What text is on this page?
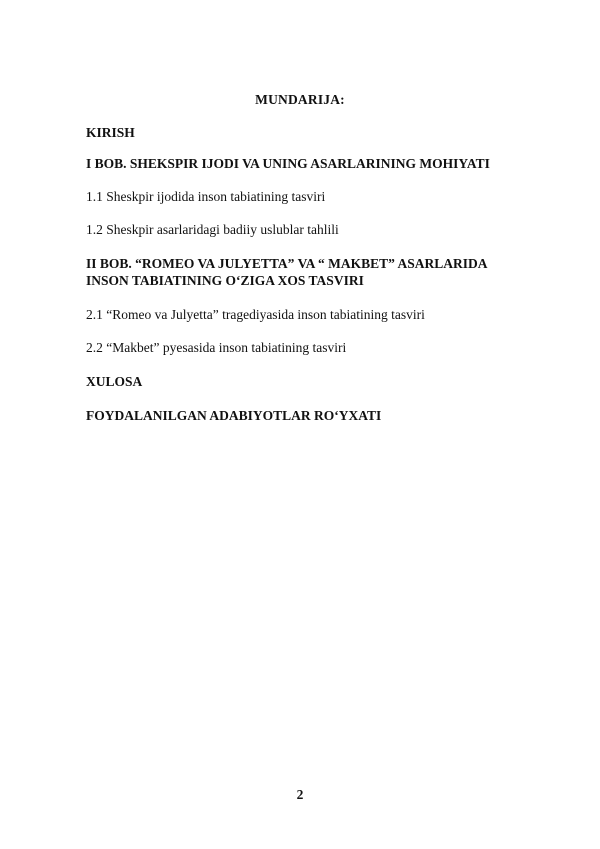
MUNDARIJA:
KIRISH
I BOB. SHEKSPIR IJODI VA UNING ASARLARINING MOHIYATI
1.1 Sheskpir ijodida inson tabiatining tasviri
1.2 Sheskpir asarlaridagi badiiy uslublar tahlili
II BOB. “ROMEO VA JULYETTA” VA “ MAKBET” ASARLARIDA INSON TABIATINING O‘ZIGA XOS TASVIRI
2.1 “Romeo va Julyetta” tragediyasida inson tabiatining tasviri
2.2 “Makbet” pyesasida inson tabiatining tasviri
XULOSA
FOYDALANILGAN ADABIYOTLAR RO‘YXATI
2
